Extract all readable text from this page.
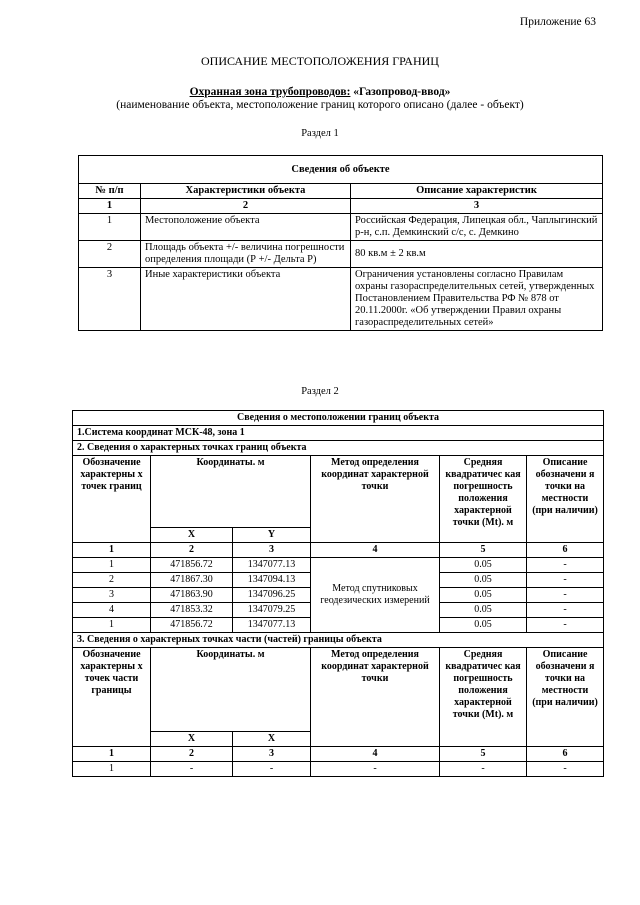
Приложение 63
ОПИСАНИЕ МЕСТОПОЛОЖЕНИЯ ГРАНИЦ
Охранная зона трубопроводов: «Газопровод-ввод»
(наименование объекта, местоположение границ которого описано (далее - объект)
Раздел 1
Сведения об объекте		
№ п/п	Характеристики объекта	Описание характеристик
1	2	3
1	Местоположение объекта	Российская Федерация, Липецкая обл., Чаплыгинский р-н, с.п. Демкинский с/с, с. Демкино
2	Площадь объекта +/- величина погрешности определения площади (Р +/- Дельта Р)	80 кв.м ± 2 кв.м
3	Иные характеристики объекта	Ограничения установлены согласно Правилам охраны газораспределительных сетей, утвержденных Постановлением Правительства РФ № 878 от 20.11.2000г. «Об утверждении Правил охраны газораспределительных сетей»
Раздел 2
Сведения о местоположении границ объекта					
1.Система координат МСК-48, зона 1					
2. Сведения о характерных точках границ объекта					
Обозначение характерны х точек границ	Координаты. м		Метод определения координат характерной точки	Средняя квадратичес кая погрешность положения характерной точки (Mt). м	Описание обозначени я точки на местности (при наличии)
	X	Y			
1	2	3	4	5	6
1	471856.72	1347077.13	Метод спутниковых геодезических измерений	0.05	-
2	471867.30	1347094.13		0.05	-
3	471863.90	1347096.25		0.05	-
4	471853.32	1347079.25		0.05	-
1	471856.72	1347077.13		0.05	-
3. Сведения о характерных точках части (частей) границы объекта					
Обозначение характерны х точек части границы	Координаты. м		Метод определения координат характерной точки	Средняя квадратичес кая погрешность положения характерной точки (Mt). м	Описание обозначени я точки на местности (при наличии)
	X	X			
1	2	3	4	5	6
1	-	-	-	-	-
